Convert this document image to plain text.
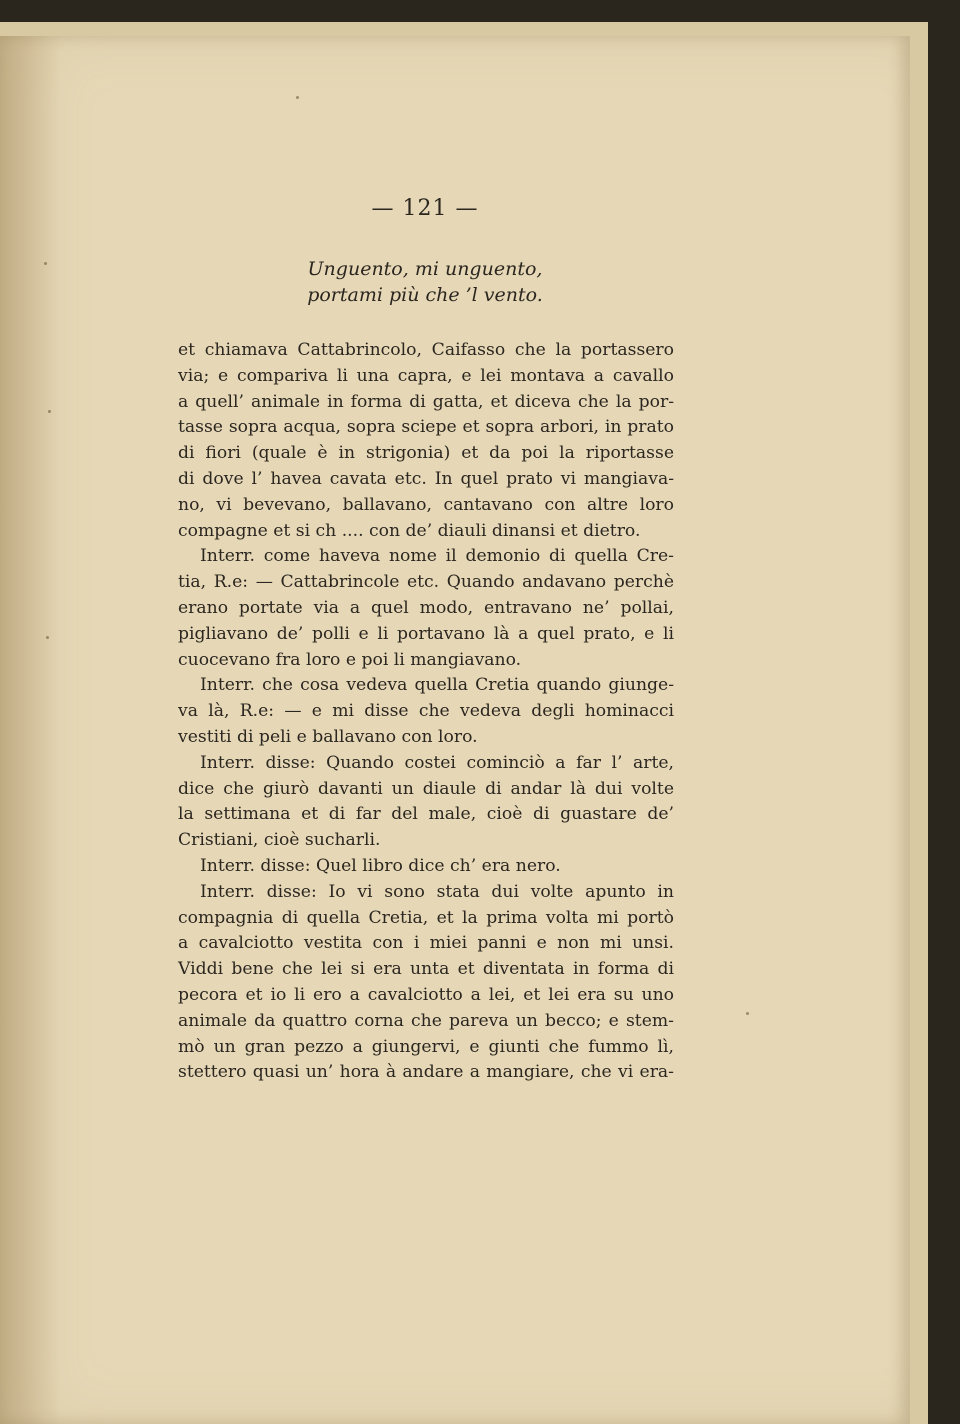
— 121 —
Unguento, mi unguento,
portami più che ’l vento.
et chiamava Cattabrincolo, Caifasso che la portassero
via; e compariva li una capra, e lei montava a cavallo
a quell’ animale in forma di gatta, et diceva che la por-
tasse sopra acqua, sopra sciepe et sopra arbori, in prato
di fiori (quale è in strigonia) et da poi la riportasse
di dove l’ havea cavata etc. In quel prato vi mangiava-
no, vi bevevano, ballavano, cantavano con altre loro
compagne et si ch .... con de’ diauli dinansi et dietro.
Interr. come haveva nome il demonio di quella Cre-
tia, R.e: — Cattabrincole etc. Quando andavano perchè
erano portate via a quel modo, entravano ne’ pollai,
pigliavano de’ polli e li portavano là a quel prato, e li
cuocevano fra loro e poi li mangiavano.
Interr. che cosa vedeva quella Cretia quando giunge-
va là, R.e: — e mi disse che vedeva degli hominacci
vestiti di peli e ballavano con loro.
Interr. disse: Quando costei cominciò a far l’ arte,
dice che giurò davanti un diaule di andar là dui volte
la settimana et di far del male, cioè di guastare de’
Cristiani, cioè sucharli.
Interr. disse: Quel libro dice ch’ era nero.
Interr. disse: Io vi sono stata dui volte apunto in
compagnia di quella Cretia, et la prima volta mi portò
a cavalciotto vestita con i miei panni e non mi unsi.
Viddi bene che lei si era unta et diventata in forma di
pecora et io li ero a cavalciotto a lei, et lei era su uno
animale da quattro corna che pareva un becco; e stem-
mò un gran pezzo a giungervi, e giunti che fummo lì,
stettero quasi un’ hora à andare a mangiare, che vi era-
